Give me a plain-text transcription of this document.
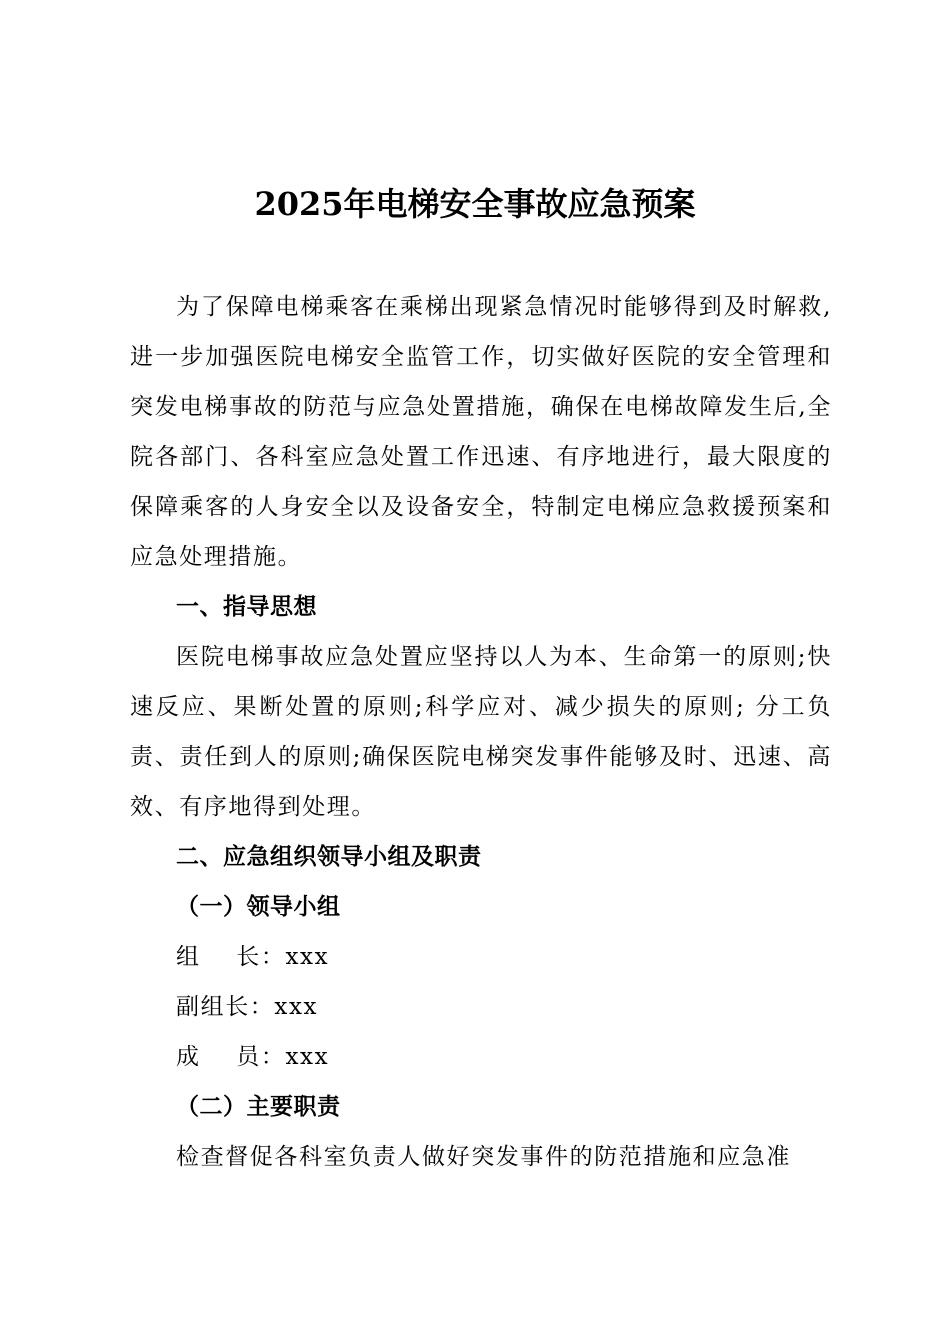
2025年电梯安全事故应急预案

为了保障电梯乘客在乘梯出现紧急情况时能够得到及时解救,进一步加强医院电梯安全监管工作，切实做好医院的安全管理和突发电梯事故的防范与应急处置措施，确保在电梯故障发生后,全院各部门、各科室应急处置工作迅速、有序地进行，最大限度的保障乘客的人身安全以及设备安全，特制定电梯应急救援预案和应急处理措施。

一、指导思想

医院电梯事故应急处置应坚持以人为本、生命第一的原则;快速反应、果断处置的原则;科学应对、减少损失的原则; 分工负责、责任到人的原则;确保医院电梯突发事件能够及时、迅速、高效、有序地得到处理。

二、应急组织领导小组及职责
（一）领导小组
组    长：xxx
副组长：xxx
成    员：xxx
（二）主要职责

检查督促各科室负责人做好突发事件的防范措施和应急准
